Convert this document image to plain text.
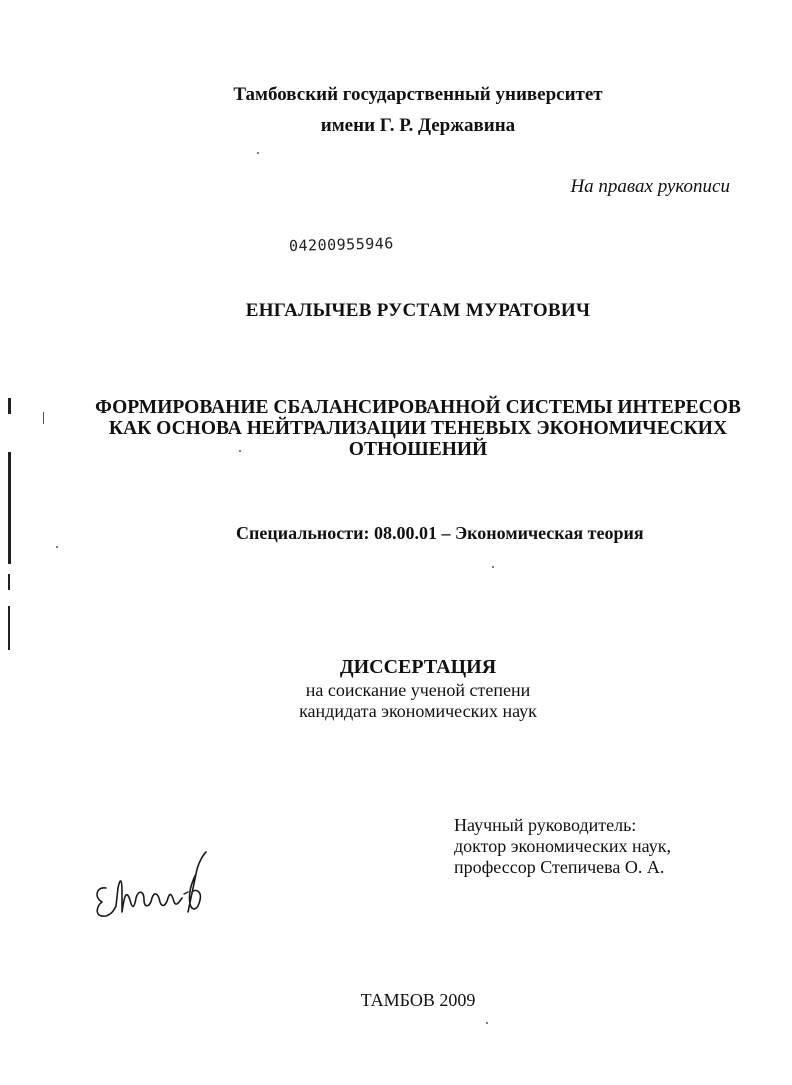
Тамбовский государственный университет
имени Г. Р. Державина
На правах рукописи
04200955946
ЕНГАЛЫЧЕВ РУСТАМ МУРАТОВИЧ
ФОРМИРОВАНИЕ СБАЛАНСИРОВАННОЙ СИСТЕМЫ ИНТЕРЕСОВ
КАК ОСНОВА НЕЙТРАЛИЗАЦИИ ТЕНЕВЫХ ЭКОНОМИЧЕСКИХ
ОТНОШЕНИЙ
Специальности: 08.00.01 – Экономическая теория
ДИССЕРТАЦИЯ
на соискание ученой степени
кандидата экономических наук
Научный руководитель:
доктор экономических наук,
профессор Степичева О. А.
ТАМБОВ 2009
